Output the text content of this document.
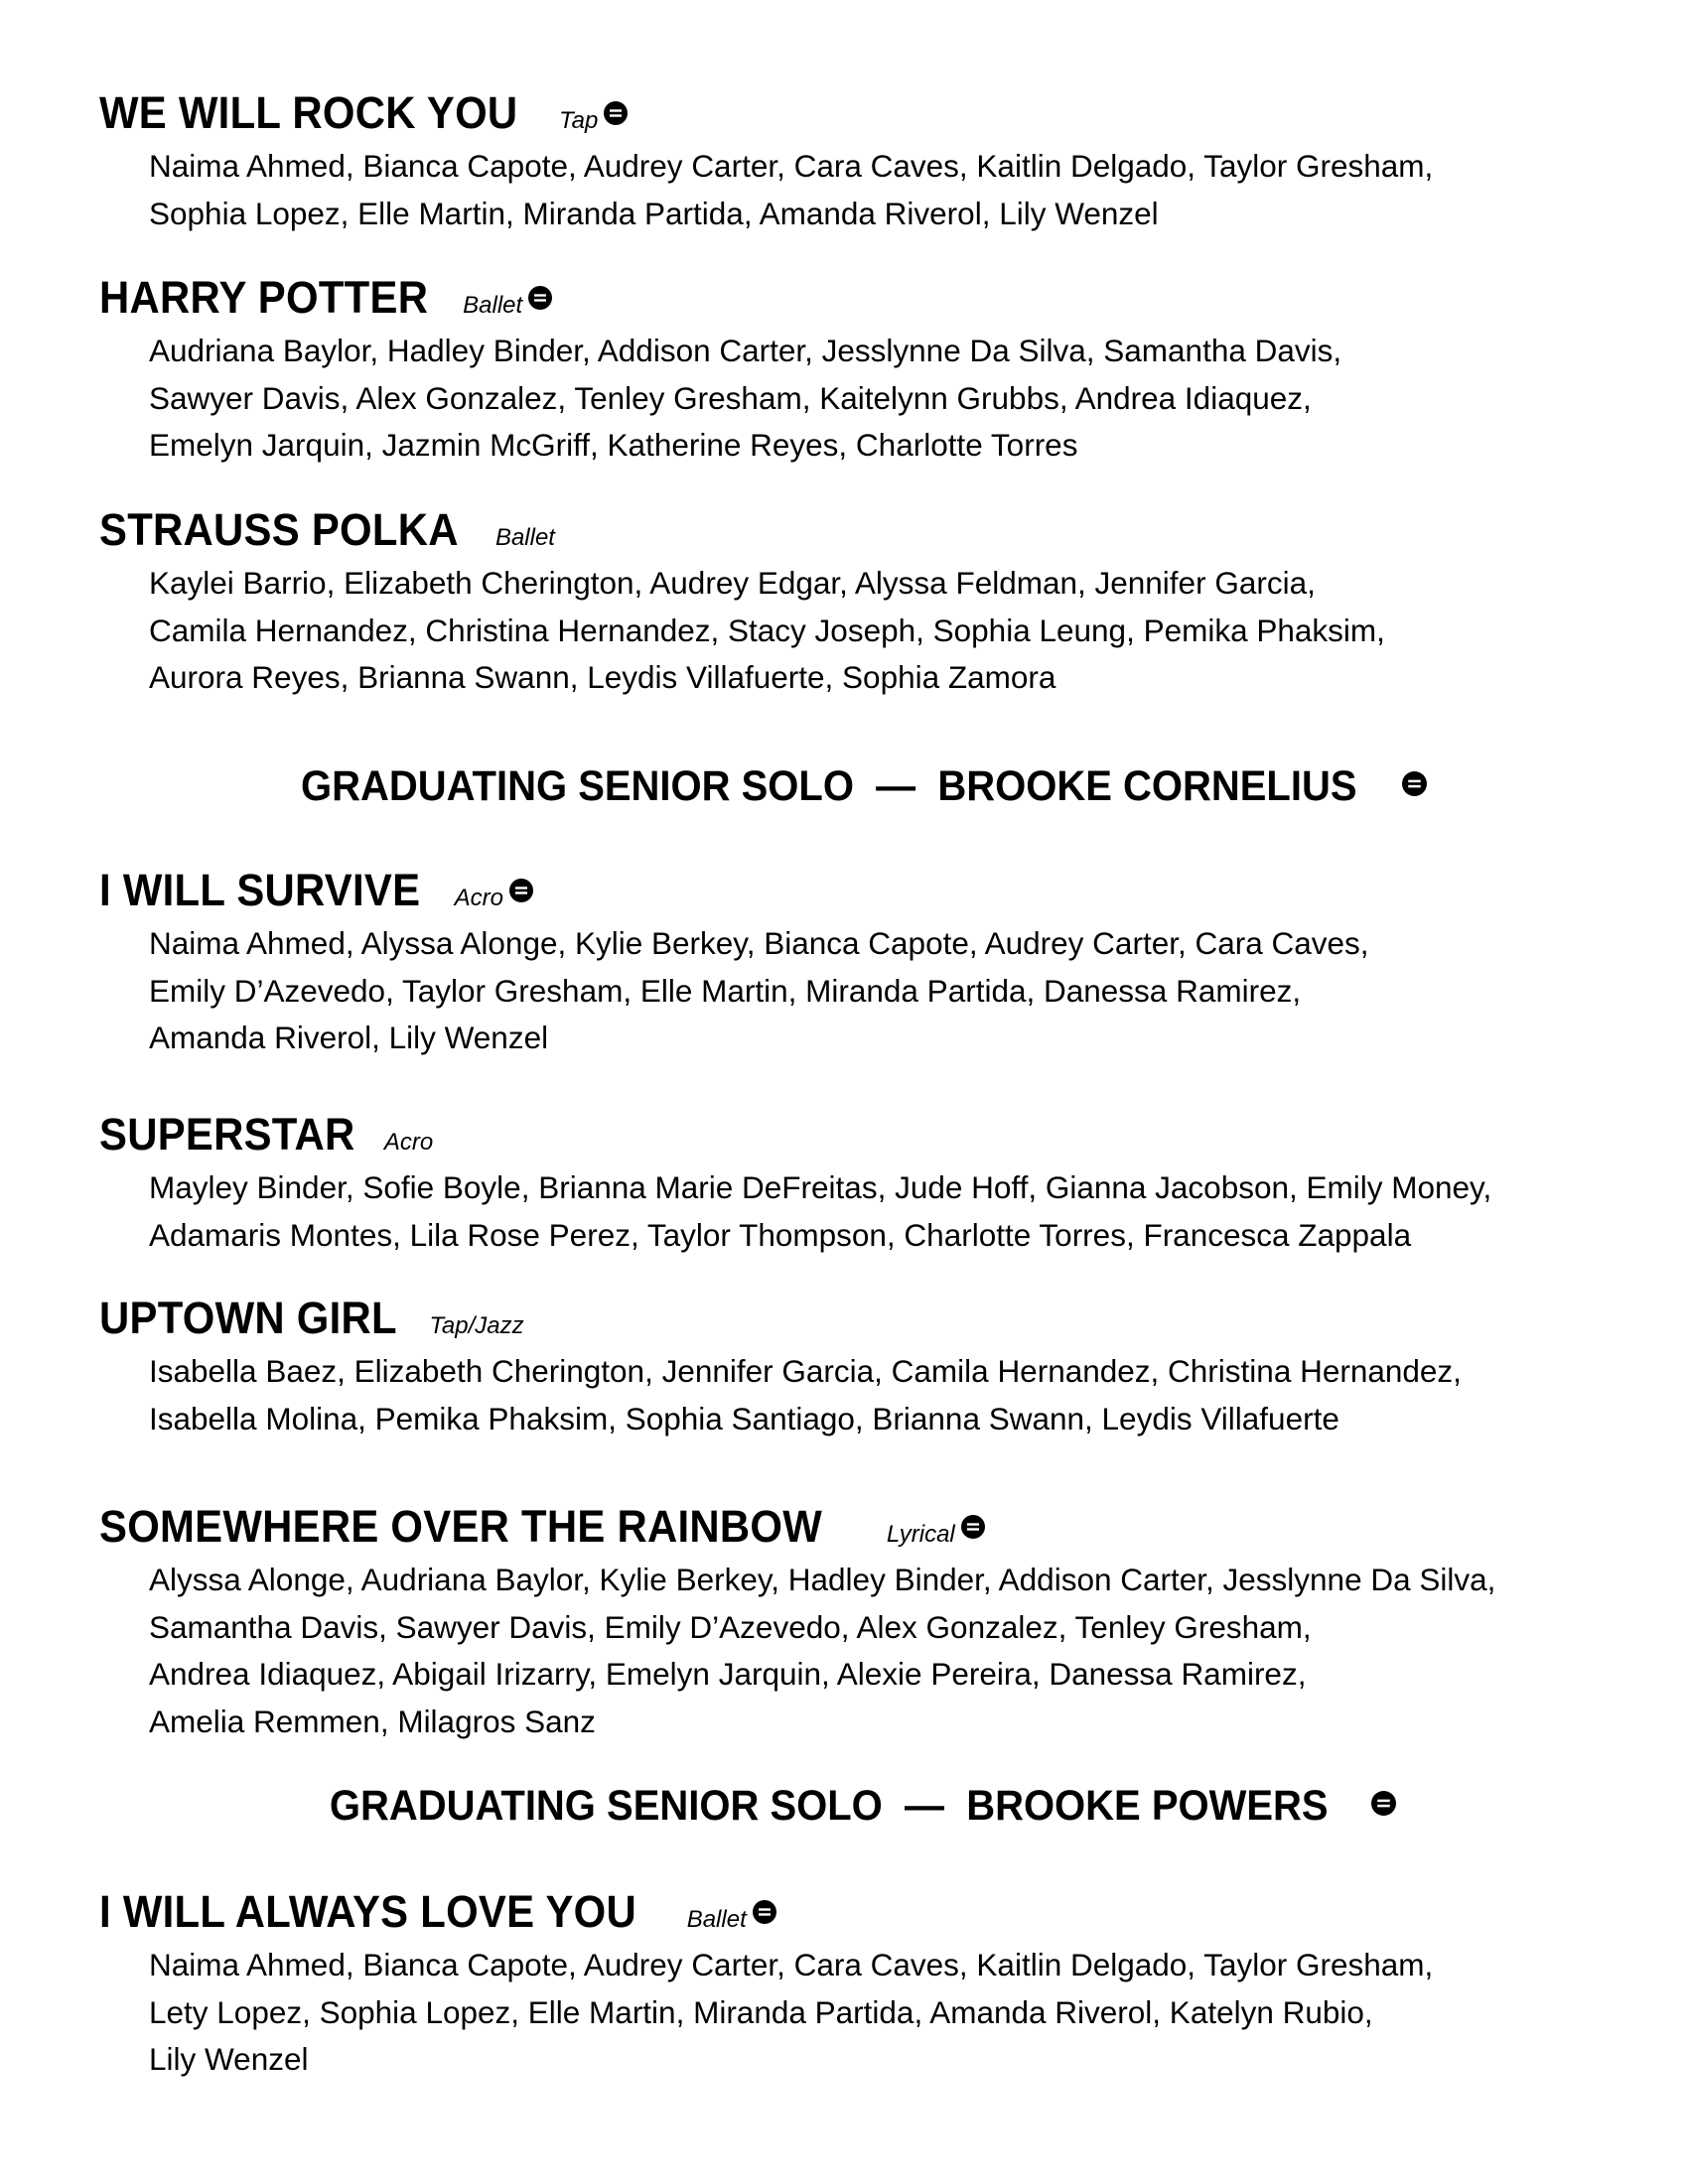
WE WILL ROCK YOU Tap
Naima Ahmed, Bianca Capote, Audrey Carter, Cara Caves, Kaitlin Delgado, Taylor Gresham,
Sophia Lopez, Elle Martin, Miranda Partida, Amanda Riverol, Lily Wenzel
HARRY POTTER Ballet
Audriana Baylor, Hadley Binder, Addison Carter, Jesslynne Da Silva, Samantha Davis,
Sawyer Davis, Alex Gonzalez, Tenley Gresham, Kaitelynn Grubbs, Andrea Idiaquez,
Emelyn Jarquin, Jazmin McGriff, Katherine Reyes, Charlotte Torres
STRAUSS POLKA Ballet
Kaylei Barrio, Elizabeth Cherington, Audrey Edgar, Alyssa Feldman, Jennifer Garcia,
Camila Hernandez, Christina Hernandez, Stacy Joseph, Sophia Leung, Pemika Phaksim,
Aurora Reyes, Brianna Swann, Leydis Villafuerte, Sophia Zamora
GRADUATING SENIOR SOLO  —  BROOKE CORNELIUS
I WILL SURVIVE Acro
Naima Ahmed, Alyssa Alonge, Kylie Berkey, Bianca Capote, Audrey Carter, Cara Caves,
Emily D’Azevedo, Taylor Gresham, Elle Martin, Miranda Partida, Danessa Ramirez,
Amanda Riverol, Lily Wenzel
SUPERSTAR Acro
Mayley Binder, Sofie Boyle, Brianna Marie DeFreitas, Jude Hoff, Gianna Jacobson, Emily Money,
Adamaris Montes, Lila Rose Perez, Taylor Thompson, Charlotte Torres, Francesca Zappala
UPTOWN GIRL Tap/Jazz
Isabella Baez, Elizabeth Cherington, Jennifer Garcia, Camila Hernandez, Christina Hernandez,
Isabella Molina, Pemika Phaksim, Sophia Santiago, Brianna Swann, Leydis Villafuerte
SOMEWHERE OVER THE RAINBOW	Lyrical
Alyssa Alonge, Audriana Baylor, Kylie Berkey, Hadley Binder, Addison Carter, Jesslynne Da Silva,
Samantha Davis, Sawyer Davis, Emily D’Azevedo, Alex Gonzalez, Tenley Gresham,
Andrea Idiaquez, Abigail Irizarry, Emelyn Jarquin, Alexie Pereira, Danessa Ramirez,
Amelia Remmen, Milagros Sanz
GRADUATING SENIOR SOLO  —  BROOKE POWERS
I WILL ALWAYS LOVE YOU Ballet
Naima Ahmed, Bianca Capote, Audrey Carter, Cara Caves, Kaitlin Delgado, Taylor Gresham,
Lety Lopez, Sophia Lopez, Elle Martin, Miranda Partida, Amanda Riverol, Katelyn Rubio,
Lily Wenzel
